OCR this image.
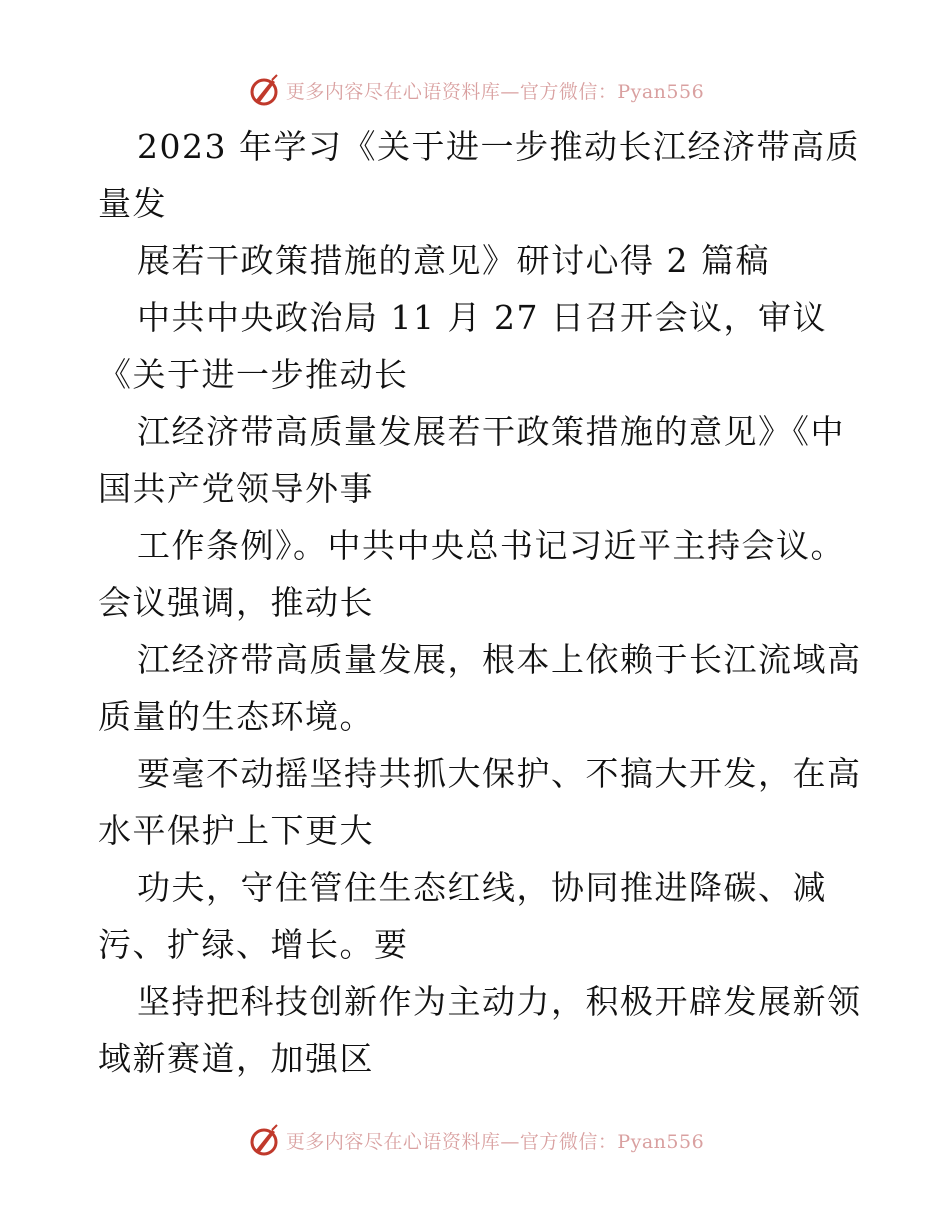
更多内容尽在心语资料库—官方微信：Pyan556
2023 年学习《关于进一步推动长江经济带高质
量发
展若干政策措施的意见》研讨心得 2 篇稿
中共中央政治局 11 月 27 日召开会议，审议
《关于进一步推动长
江经济带高质量发展若干政策措施的意见》《中
国共产党领导外事
工作条例》。中共中央总书记习近平主持会议。
会议强调，推动长
江经济带高质量发展，根本上依赖于长江流域高
质量的生态环境。
要毫不动摇坚持共抓大保护、不搞大开发，在高
水平保护上下更大
功夫，守住管住生态红线，协同推进降碳、减
污、扩绿、增长。要
坚持把科技创新作为主动力，积极开辟发展新领
域新赛道，加强区
更多内容尽在心语资料库—官方微信：Pyan556
